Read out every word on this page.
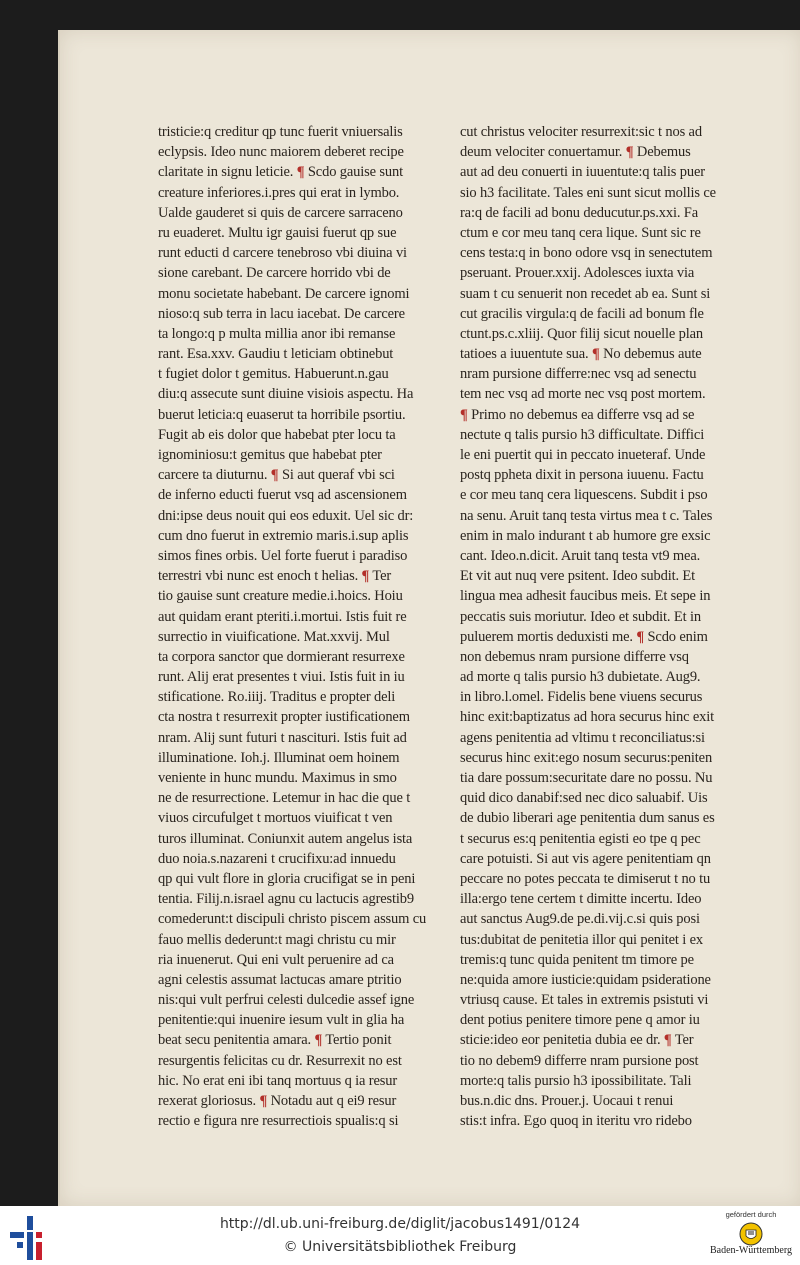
tristicie:q creditur qp tunc fuerit vniuersalis
eclypsis. Ideo nunc maiorem deberet recipe
claritate in signu leticie. ¶ Scdo gauise sunt
creature inferiores.i.pres qui erat in lymbo.
Ualde gauderet si quis de carcere sarraceno
ru euaderet. Multu igr gauisi fuerut qp sue
runt educti d carcere tenebroso vbi diuina vi
sione carebant. De carcere horrido vbi de
monu societate habebant. De carcere ignomi
nioso:q sub terra in lacu iacebat. De carcere
ta longo:q p multa millia anor ibi remanse
rant. Esa.xxv. Gaudiu t leticiam obtinebut
t fugiet dolor t gemitus. Habuerunt.n.gau
diu:q assecute sunt diuine visiois aspectu. Ha
buerut leticia:q euaserut ta horribile psortiu.
Fugit ab eis dolor que habebat pter locu ta
ignominiosu:t gemitus que habebat pter
carcere ta diuturnu. ¶ Si aut queraf vbi sci
de inferno educti fuerut vsq ad ascensionem
dni:ipse deus nouit qui eos eduxit. Uel sic dr:
cum dno fuerut in extremio maris.i.sup aplis
simos fines orbis. Uel forte fuerut i paradiso
terrestri vbi nunc est enoch t helias. ¶ Ter
tio gauise sunt creature medie.i.hoics. Hoiu
aut quidam erant pteriti.i.mortui. Istis fuit re
surrectio in viuificatione. Mat.xxvij. Mul
ta corpora sanctor que dormierant resurrexe
runt. Alij erat presentes t viui. Istis fuit in iu
stificatione. Ro.iiij. Traditus e propter deli
cta nostra t resurrexit propter iustificationem
nram. Alij sunt futuri t nascituri. Istis fuit ad
illuminatione. Ioh.j. Illuminat oem hoinem
veniente in hunc mundu. Maximus in smo
ne de resurrectione. Letemur in hac die que t
viuos circufulget t mortuos viuificat t ven
turos illuminat. Coniunxit autem angelus ista
duo noia.s.nazareni t crucifixu:ad innuedu
qp qui vult flore in gloria crucifigat se in peni
tentia. Filij.n.israel agnu cu lactucis agrestib9
comederunt:t discipuli christo piscem assum cu
fauo mellis dederunt:t magi christu cu mir
ria inuenerut. Qui eni vult peruenire ad ca
agni celestis assumat lactucas amare ptritio
nis:qui vult perfrui celesti dulcedie assef igne
penitentie:qui inuenire iesum vult in glia ha
beat secu penitentia amara. ¶ Tertio ponit
resurgentis felicitas cu dr. Resurrexit no est
hic. No erat eni ibi tanq mortuus q ia resur
rexerat gloriosus. ¶ Notadu aut q ei9 resur
rectio e figura nre resurrectiois spualis:q si
cut christus velociter resurrexit:sic t nos ad
deum velociter conuertamur. ¶ Debemus
aut ad deu conuerti in iuuentute:q talis puer
sio h3 facilitate. Tales eni sunt sicut mollis ce
ra:q de facili ad bonu deducutur.ps.xxi. Fa
ctum e cor meu tanq cera lique. Sunt sic re
cens testa:q in bono odore vsq in senectutem
pseruant. Prouer.xxij. Adolesces iuxta via
suam t cu senuerit non recedet ab ea. Sunt si
cut gracilis virgula:q de facili ad bonum fle
ctunt.ps.c.xliij. Quor filij sicut nouelle plan
tatioes a iuuentute sua. ¶ No debemus aute
nram pursione differre:nec vsq ad senectu
tem nec vsq ad morte nec vsq post mortem.
¶ Primo no debemus ea differre vsq ad se
nectute q talis pursio h3 difficultate. Diffici
le eni puertit qui in peccato inueteraf. Unde
postq ppheta dixit in persona iuuenu. Factu
e cor meu tanq cera liquescens. Subdit i pso
na senu. Aruit tanq testa virtus mea t c. Tales
enim in malo indurant t ab humore gre exsic
cant. Ideo.n.dicit. Aruit tanq testa vt9 mea.
Et vit aut nuq vere psitent. Ideo subdit. Et
lingua mea adhesit faucibus meis. Et sepe in
peccatis suis moriutur. Ideo et subdit. Et in
puluerem mortis deduxisti me. ¶ Scdo enim
non debemus nram pursione differre vsq
ad morte q talis pursio h3 dubietate. Aug9.
in libro.l.omel. Fidelis bene viuens securus
hinc exit:baptizatus ad hora securus hinc exit
agens penitentia ad vltimu t reconciliatus:si
securus hinc exit:ego nosum securus:peniten
tia dare possum:securitate dare no possu. Nu
quid dico danabif:sed nec dico saluabif. Uis
de dubio liberari age penitentia dum sanus es
t securus es:q penitentia egisti eo tpe q pec
care potuisti. Si aut vis agere penitentiam qn
peccare no potes peccata te dimiserut t no tu
illa:ergo tene certem t dimitte incertu. Ideo
aut sanctus Aug9.de pe.di.vij.c.si quis posi
tus:dubitat de penitetia illor qui penitet i ex
tremis:q tunc quida penitent tm timore pe
ne:quida amore iusticie:quidam psideratione
vtriusq cause. Et tales in extremis psistuti vi
dent potius penitere timore pene q amor iu
sticie:ideo eor penitetia dubia ee dr. ¶ Ter
tio no debem9 differre nram pursione post
morte:q talis pursio h3 ipossibilitate. Tali
bus.n.dic dns. Prouer.j. Uocaui t renui
stis:t infra. Ego quoq in iteritu vro ridebo
http://dl.ub.uni-freiburg.de/diglit/jacobus1491/0124
© Universitätsbibliothek Freiburg
gefördert durch
Baden-Württemberg
